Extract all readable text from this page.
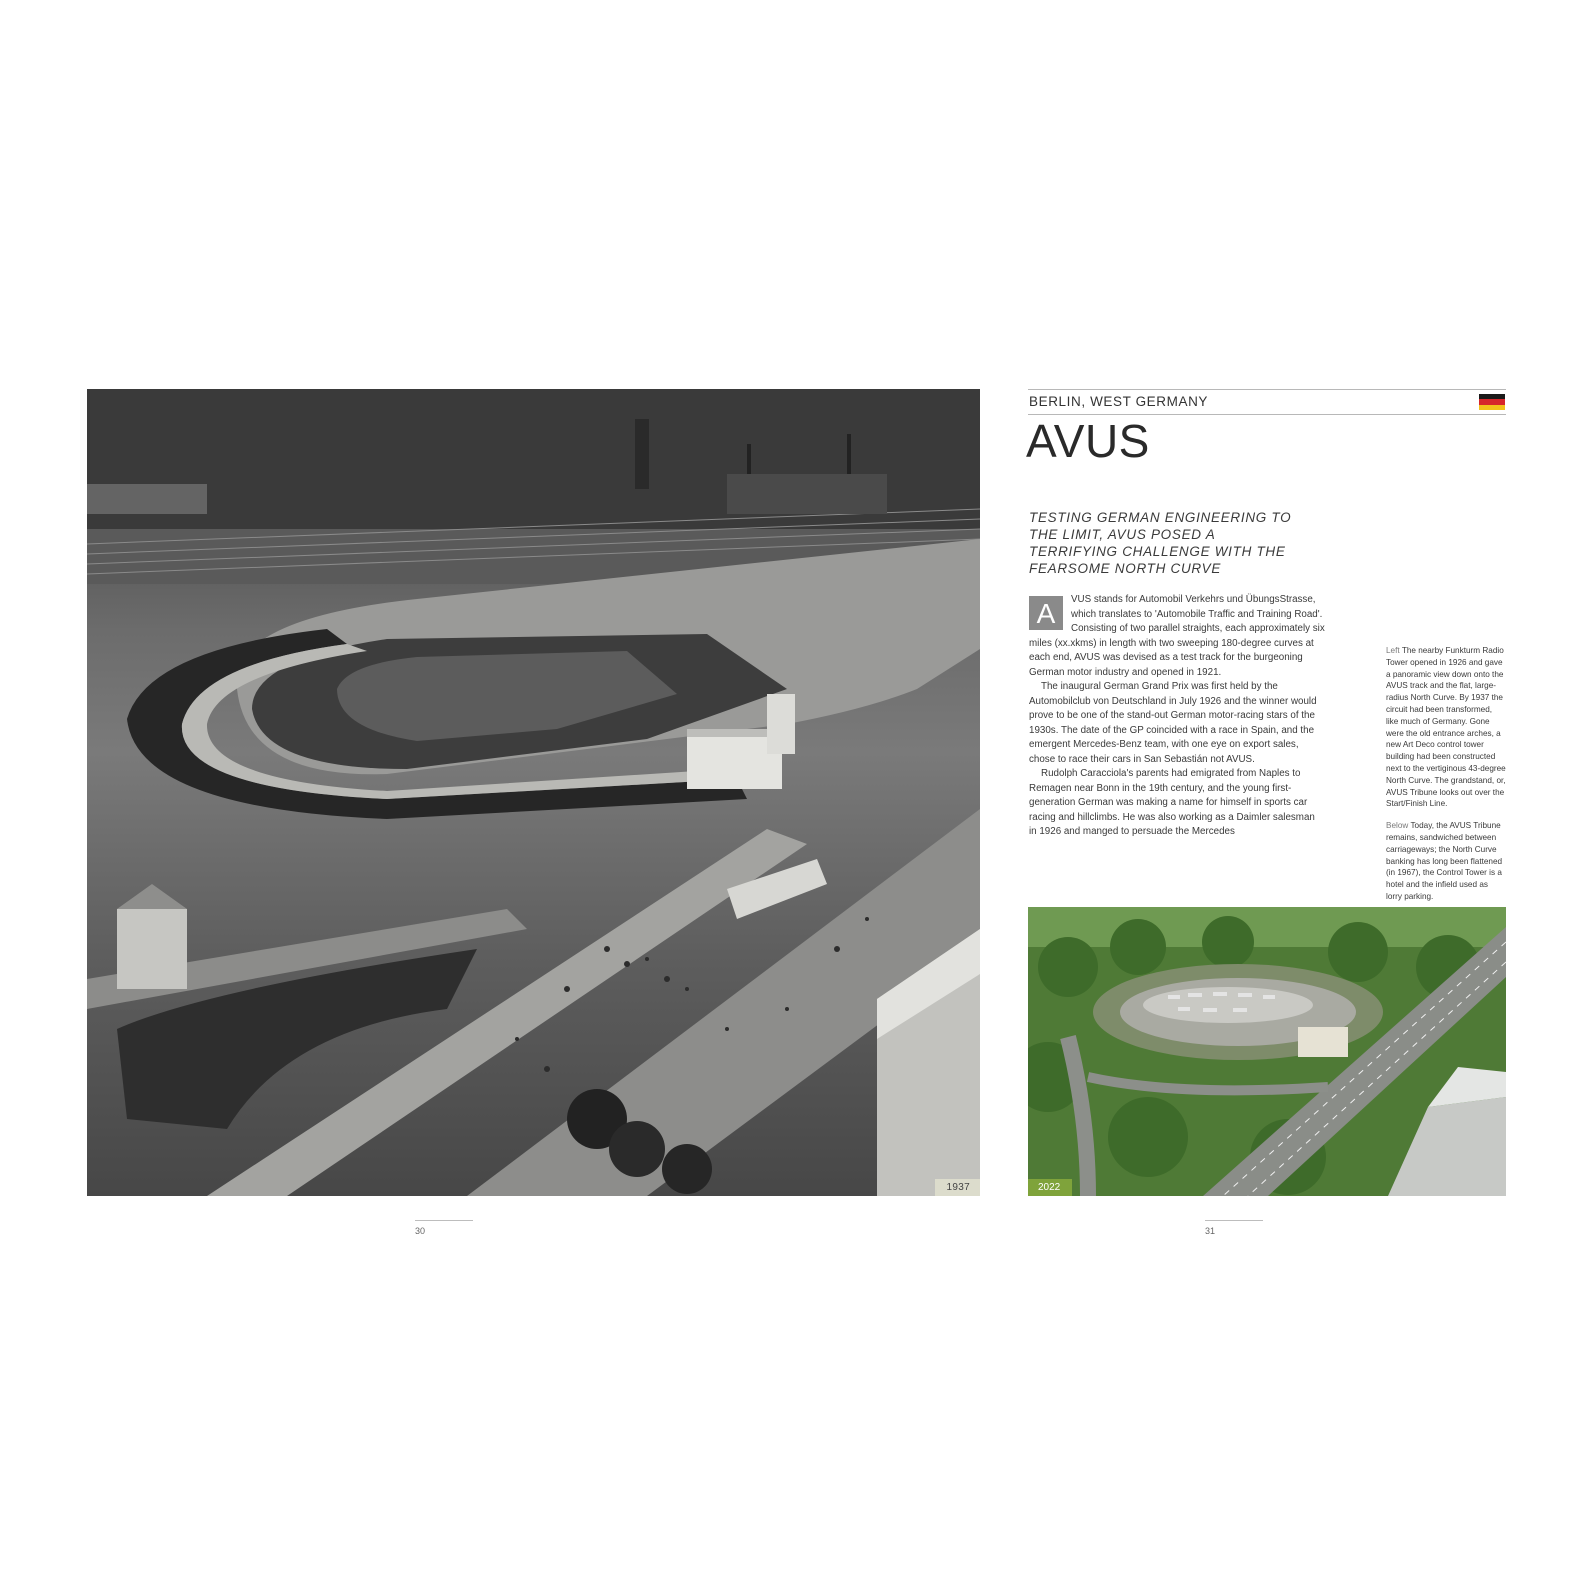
1937
30
BERLIN, WEST GERMANY
AVUS
TESTING GERMAN ENGINEERING TO THE LIMIT, AVUS POSED A TERRIFYING CHALLENGE WITH THE FEARSOME NORTH CURVE
A	VUS stands for Automobil Verkehrs und ÜbungsStrasse, which translates to 'Automobile Traffic and Training Road'. Consisting of two parallel straights, each approximately six miles (xx.xkms) in length with two sweeping 180-degree curves at each end, AVUS was devised as a test track for the burgeoning German motor industry and opened in 1921.

The inaugural German Grand Prix was first held by the Automobilclub von Deutschland in July 1926 and the winner would prove to be one of the stand-out German motor-racing stars of the 1930s. The date of the GP coincided with a race in Spain, and the emergent Mercedes-Benz team, with one eye on export sales, chose to race their cars in San Sebastián not AVUS.

Rudolph Caracciola's parents had emigrated from Naples to Remagen near Bonn in the 19th century, and the young first-generation German was making a name for himself in sports car racing and hillclimbs. He was also working as a Daimler salesman in 1926 and manged to persuade the Mercedes

Left The nearby Funkturm Radio Tower opened in 1926 and gave a panoramic view down onto the AVUS track and the flat, large-radius North Curve. By 1937 the circuit had been transformed, like much of Germany. Gone were the old entrance arches, a new Art Deco control tower building had been constructed next to the vertiginous 43-degree North Curve. The grandstand, or, AVUS Tribune looks out over the Start/Finish Line.

Below Today, the AVUS Tribune remains, sandwiched between carriageways; the North Curve banking has long been flattened (in 1967), the Control Tower is a hotel and the infield used as lorry parking.

2022
31
